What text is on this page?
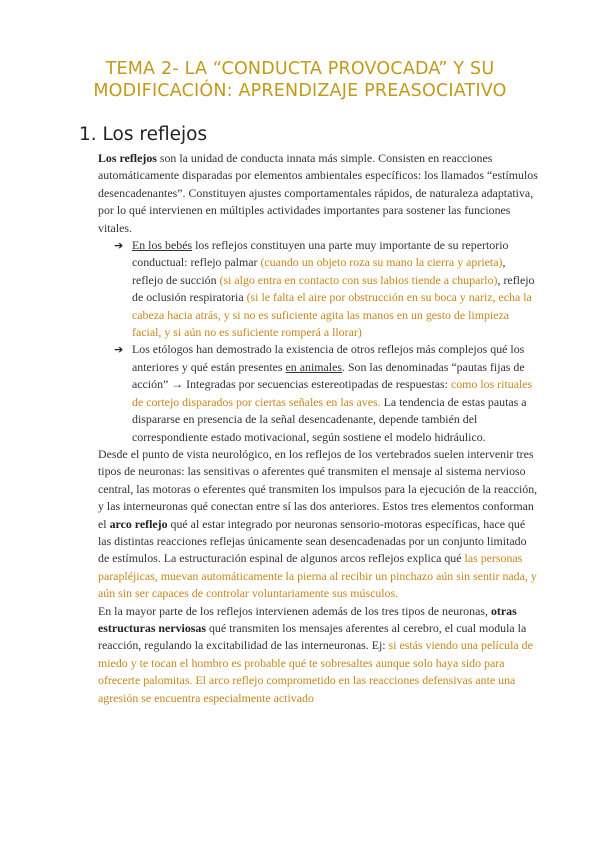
TEMA 2- LA “CONDUCTA PROVOCADA” Y SU MODIFICACIÓN: APRENDIZAJE PREASOCIATIVO
1. Los reflejos

Los reflejos son la unidad de conducta innata más simple. Consisten en reacciones automáticamente disparadas por elementos ambientales específicos: los llamados “estímulos desencadenantes”. Constituyen ajustes comportamentales rápidos, de naturaleza adaptativa, por lo qué intervienen en múltiples actividades importantes para sostener las funciones vitales.

➔ En los bebés los reflejos constituyen una parte muy importante de su repertorio conductual: reflejo palmar (cuando un objeto roza su mano la cierra y aprieta), reflejo de succión (si algo entra en contacto con sus labios tiende a chuparlo), reflejo de oclusión respiratoria (si le falta el aire por obstrucción en su boca y nariz, echa la cabeza hacia atrás, y si no es suficiente agita las manos en un gesto de limpieza facial, y si aún no es suficiente romperá a llorar)
➔ Los etólogos han demostrado la existencia de otros reflejos más complejos qué los anteriores y qué están presentes en animales. Son las denominadas “pautas fijas de acción” → Integradas por secuencias estereotipadas de respuestas: como los rituales de cortejo disparados por ciertas señales en las aves. La tendencia de estas pautas a dispararse en presencia de la señal desencadenante, depende también del correspondiente estado motivacional, según sostiene el modelo hidráulico.

Desde el punto de vista neurológico, en los reflejos de los vertebrados suelen intervenir tres tipos de neuronas: las sensitivas o aferentes qué transmiten el mensaje al sistema nervioso central, las motoras o eferentes qué transmiten los impulsos para la ejecución de la reacción, y las interneuronas qué conectan entre sí las dos anteriores. Estos tres elementos conforman el arco reflejo qué al estar integrado por neuronas sensorio-motoras específicas, hace qué las distintas reacciones reflejas únicamente sean desencadenadas por un conjunto limitado de estímulos. La estructuración espinal de algunos arcos reflejos explica qué las personas parapléjicas, muevan automáticamente la pierna al recibir un pinchazo aún sin sentir nada, y aún sin ser capaces de controlar voluntariamente sus músculos.

En la mayor parte de los reflejos intervienen además de los tres tipos de neuronas, otras estructuras nerviosas qué transmiten los mensajes aferentes al cerebro, el cual modula la reacción, regulando la excitabilidad de las interneuronas. Ej: si estás viendo una película de miedo y te tocan el hombro es probable qué te sobresaltes aunque solo haya sido para ofrecerte palomitas. El arco reflejo comprometido en las reacciones defensivas ante una agresión se encuentra especialmente activado
